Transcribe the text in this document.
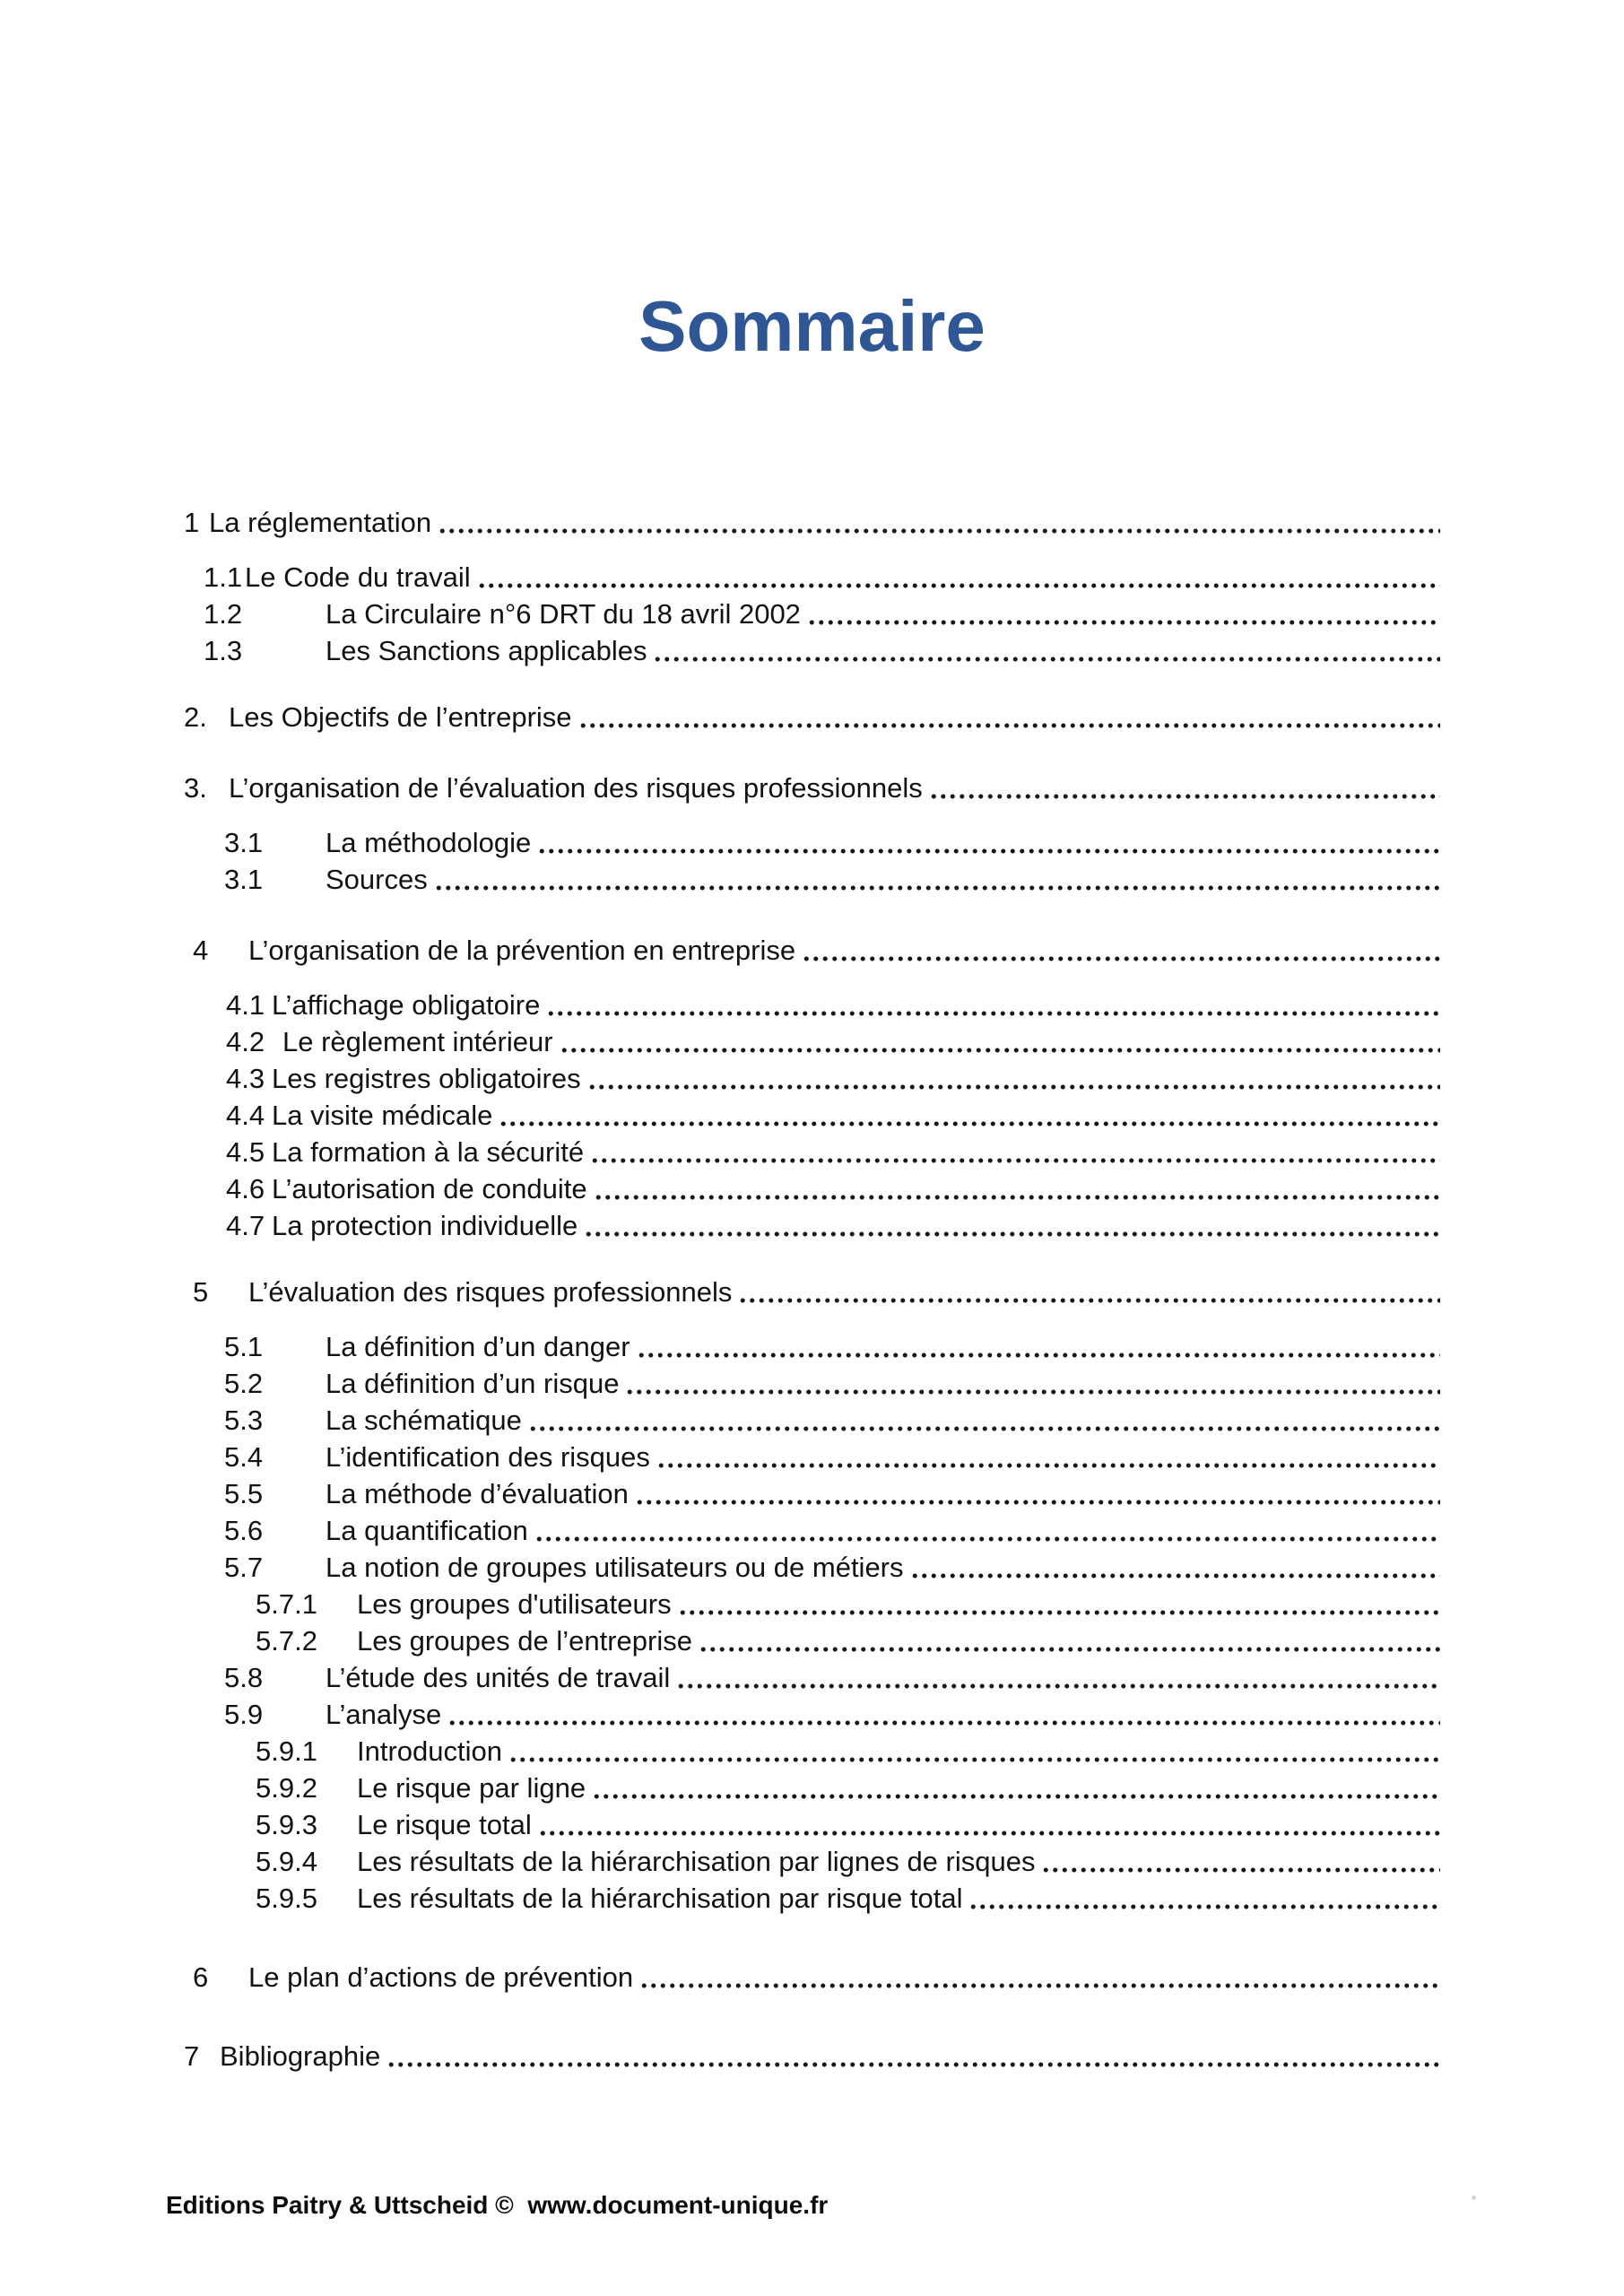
Sommaire
1 La réglementation
1.1 Le Code du travail
1.2	La Circulaire n°6 DRT du 18 avril 2002
1.3	Les Sanctions applicables
2. Les Objectifs de l’entreprise
3. L’organisation de l’évaluation des risques professionnels
3.1	La méthodologie
3.1	Sources
4	L’organisation de la prévention en entreprise
4.1 L’affichage obligatoire
4.2 Le règlement intérieur
4.3 Les registres obligatoires
4.4 La visite médicale
4.5 La formation à la sécurité
4.6 L’autorisation de conduite
4.7 La protection individuelle
5	L’évaluation des risques professionnels
5.1	La définition d’un danger
5.2	La définition d’un risque
5.3	La schématique
5.4	L’identification des risques
5.5	La méthode d’évaluation
5.6	La quantification
5.7	La notion de groupes utilisateurs ou de métiers
5.7.1	Les groupes d'utilisateurs
5.7.2	Les groupes de l’entreprise
5.8	L’étude des unités de travail
5.9	L’analyse
5.9.1	Introduction
5.9.2	Le risque par ligne
5.9.3	Le risque total
5.9.4	Les résultats de la hiérarchisation par lignes de risques
5.9.5	Les résultats de la hiérarchisation par risque total
6	Le plan d’actions de prévention
7 Bibliographie
Editions Paitry & Uttscheid ©  www.document-unique.fr
